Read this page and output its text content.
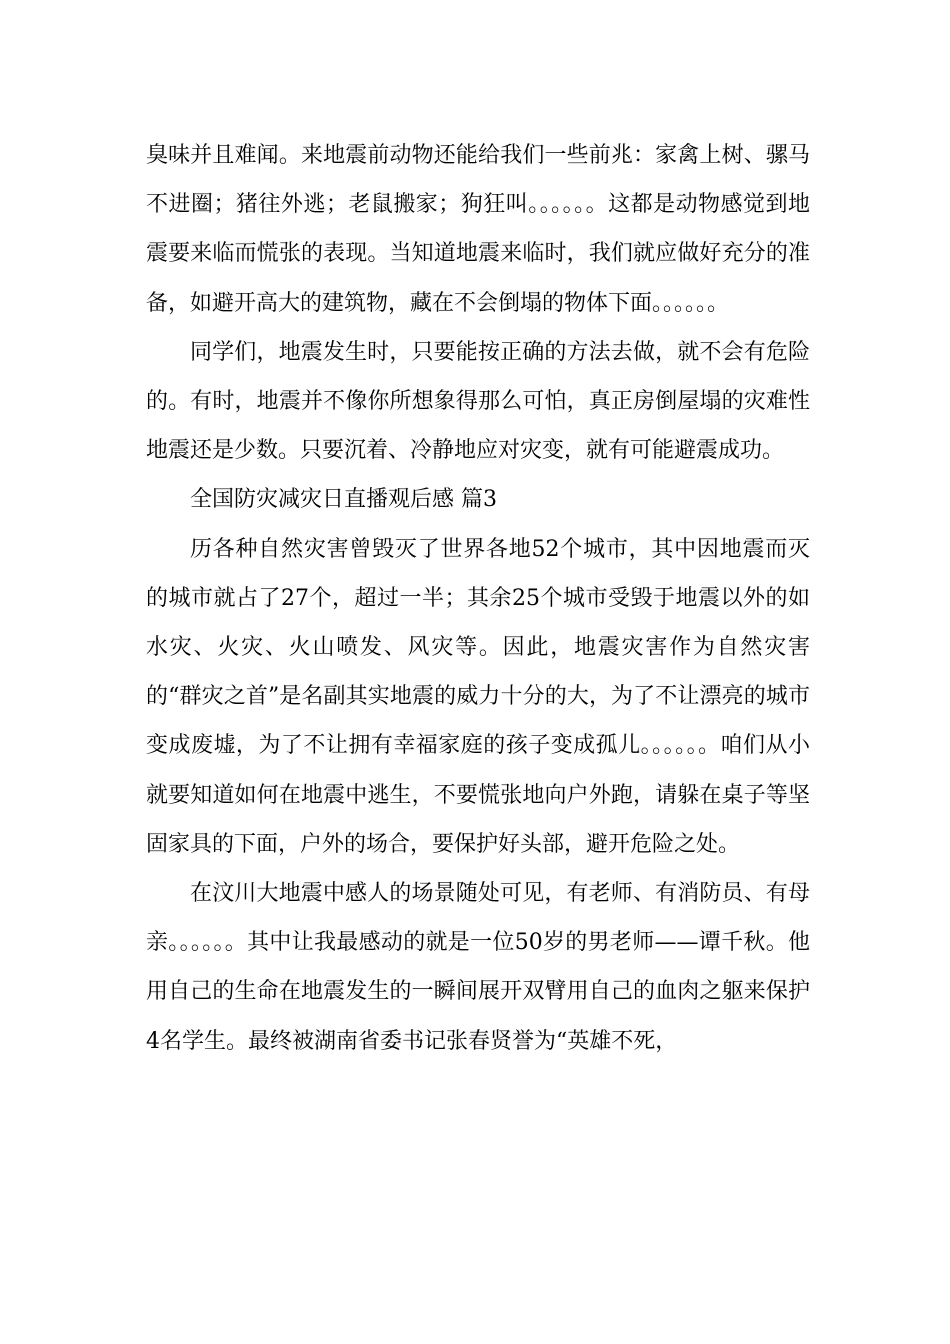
臭味并且难闻。来地震前动物还能给我们一些前兆：家禽上树、骡马不进圈；猪往外逃；老鼠搬家；狗狂叫。。。。。。这都是动物感觉到地震要来临而慌张的表现。当知道地震来临时，我们就应做好充分的准备，如避开高大的建筑物，藏在不会倒塌的物体下面。。。。。。

同学们，地震发生时，只要能按正确的方法去做，就不会有危险的。有时，地震并不像你所想象得那么可怕，真正房倒屋塌的灾难性地震还是少数。只要沉着、冷静地应对灾变，就有可能避震成功。

全国防灾减灾日直播观后感 篇3

历各种自然灾害曾毁灭了世界各地52个城市，其中因地震而灭的城市就占了27个，超过一半；其余25个城市受毁于地震以外的如水灾、火灾、火山喷发、风灾等。因此，地震灾害作为自然灾害的“群灾之首”是名副其实地震的威力十分的大，为了不让漂亮的城市变成废墟，为了不让拥有幸福家庭的孩子变成孤儿。。。。。。咱们从小就要知道如何在地震中逃生，不要慌张地向户外跑，请躲在桌子等坚固家具的下面，户外的场合，要保护好头部，避开危险之处。

在汶川大地震中感人的场景随处可见，有老师、有消防员、有母亲。。。。。。其中让我最感动的就是一位50岁的男老师——谭千秋。他用自己的生命在地震发生的一瞬间展开双臂用自己的血肉之躯来保护4名学生。最终被湖南省委书记张春贤誉为“英雄不死，
